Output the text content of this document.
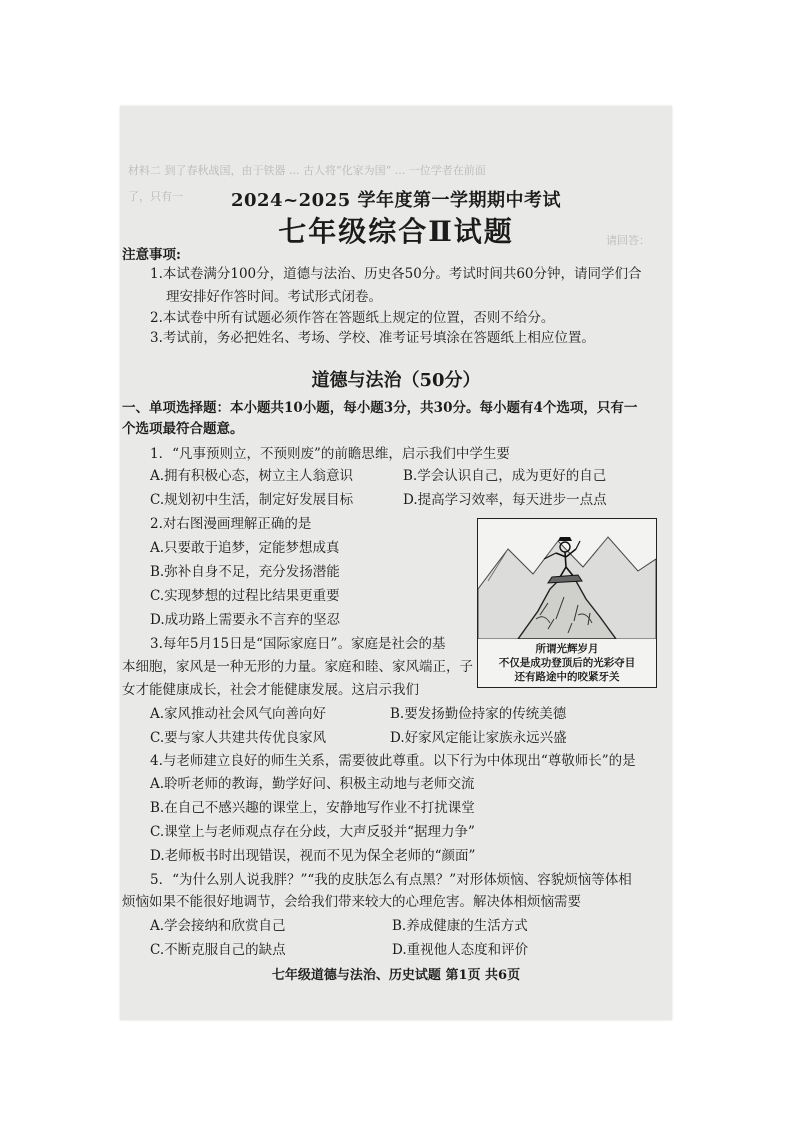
材料二 到了春秋战国，由于铁器 ... 古人将“化家为国” ... 一位学者在前面
了，只有一
请回答：
2024~2025 学年度第一学期期中考试
七年级综合Ⅱ试题
注意事项:
1.本试卷满分100分，道德与法治、历史各50分。考试时间共60分钟，请同学们合
理安排好作答时间。考试形式闭卷。
2.本试卷中所有试题必须作答在答题纸上规定的位置，否则不给分。
3.考试前，务必把姓名、考场、学校、准考证号填涂在答题纸上相应位置。
道德与法治（50分）
一、单项选择题：本小题共10小题，每小题3分，共30分。每小题有4个选项，只有一
个选项最符合题意。
1．“凡事预则立，不预则废”的前瞻思维，启示我们中学生要
A.拥有积极心态，树立主人翁意识	B.学会认识自己，成为更好的自己
C.规划初中生活，制定好发展目标	D.提高学习效率，每天进步一点点
2.对右图漫画理解正确的是
A.只要敢于追梦，定能梦想成真
B.弥补自身不足，充分发扬潜能
C.实现梦想的过程比结果更重要
D.成功路上需要永不言弃的坚忍
所谓光辉岁月
不仅是成功登顶后的光彩夺目
还有路途中的咬紧牙关
3.每年5月15日是“国际家庭日”。家庭是社会的基
本细胞，家风是一种无形的力量。家庭和睦、家风端正，子
女才能健康成长，社会才能健康发展。这启示我们
A.家风推动社会风气向善向好	B.要发扬勤俭持家的传统美德
C.要与家人共建共传优良家风	D.好家风定能让家族永远兴盛
4.与老师建立良好的师生关系，需要彼此尊重。以下行为中体现出“尊敬师长”的是
A.聆听老师的教诲，勤学好问、积极主动地与老师交流
B.在自己不感兴趣的课堂上，安静地写作业不打扰课堂
C.课堂上与老师观点存在分歧，大声反驳并“据理力争”
D.老师板书时出现错误，视而不见为保全老师的“颜面”
5．“为什么别人说我胖？”“我的皮肤怎么有点黑？”对形体烦恼、容貌烦恼等体相
烦恼如果不能很好地调节，会给我们带来较大的心理危害。解决体相烦恼需要
A.学会接纳和欣赏自己	B.养成健康的生活方式
C.不断克服自己的缺点	D.重视他人态度和评价
七年级道德与法治、历史试题 第1页 共6页
